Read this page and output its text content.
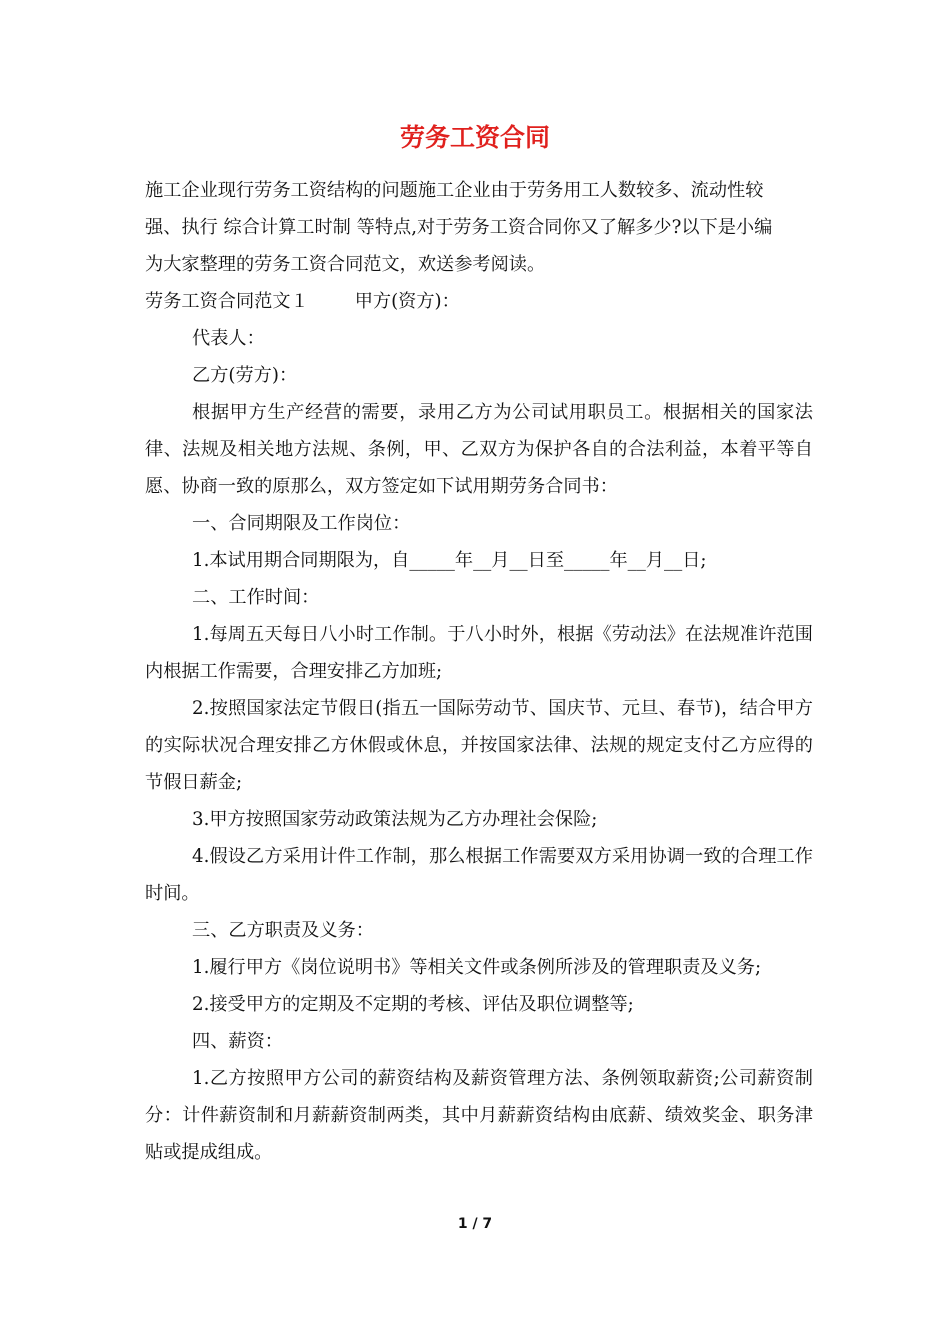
劳务工资合同

施工企业现行劳务工资结构的问题施工企业由于劳务用工人数较多、流动性较
强、执行 综合计算工时制 等特点,对于劳务工资合同你又了解多少?以下是小编
为大家整理的劳务工资合同范文，欢送参考阅读。

劳务工资合同范文１	甲方(资方)：

代表人：

乙方(劳方)：

根据甲方生产经营的需要，录用乙方为公司试用职员工。根据相关的国家法律、法规及相关地方法规、条例，甲、乙双方为保护各自的合法利益，本着平等自愿、协商一致的原那么，双方签定如下试用期劳务合同书：

一、合同期限及工作岗位：

1.本试用期合同期限为，自_____年__月__日至_____年__月__日;

二、工作时间：

1.每周五天每日八小时工作制。于八小时外，根据《劳动法》在法规准许范围内根据工作需要，合理安排乙方加班;

2.按照国家法定节假日(指五一国际劳动节、国庆节、元旦、春节)，结合甲方的实际状况合理安排乙方休假或休息，并按国家法律、法规的规定支付乙方应得的节假日薪金;

3.甲方按照国家劳动政策法规为乙方办理社会保险;

4.假设乙方采用计件工作制，那么根据工作需要双方采用协调一致的合理工作时间。

三、乙方职责及义务：

1.履行甲方《岗位说明书》等相关文件或条例所涉及的管理职责及义务;

2.接受甲方的定期及不定期的考核、评估及职位调整等;

四、薪资：

1.乙方按照甲方公司的薪资结构及薪资管理方法、条例领取薪资;公司薪资制分：计件薪资制和月薪薪资制两类，其中月薪薪资结构由底薪、绩效奖金、职务津贴或提成组成。

1 / 7
